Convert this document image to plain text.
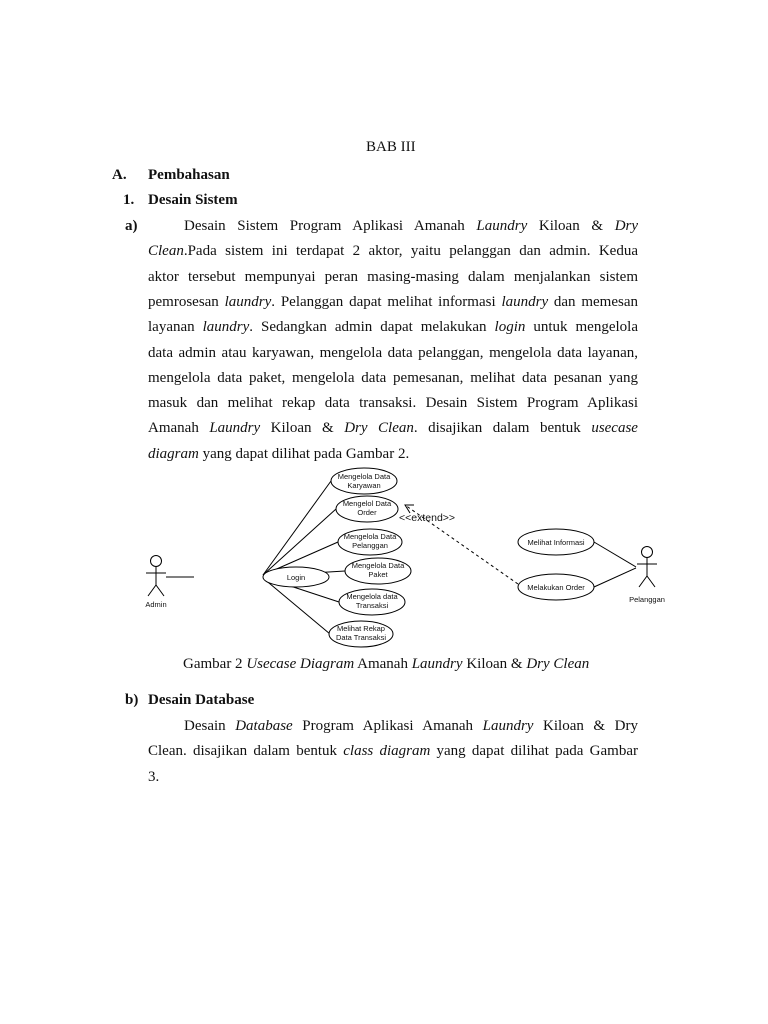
BAB III
A. Pembahasan
1. Desain Sistem
a)	Desain Sistem Program Aplikasi Amanah Laundry Kiloan & Dry
Clean.Pada sistem ini terdapat 2 aktor, yaitu pelanggan dan admin. Kedua
aktor tersebut mempunyai peran masing-masing dalam menjalankan sistem
pemrosesan laundry. Pelanggan dapat melihat informasi laundry dan memesan
layanan laundry. Sedangkan admin dapat melakukan login untuk mengelola
data admin atau karyawan, mengelola data pelanggan, mengelola data layanan,
mengelola data paket, mengelola data pemesanan, melihat data pesanan yang
masuk dan melihat rekap data transaksi. Desain Sistem Program Aplikasi
Amanah Laundry Kiloan & Dry Clean. disajikan dalam bentuk usecase
diagram yang dapat dilihat pada Gambar 2.
Admin
Pelanggan
Login
Mengelola Data
Karyawan
Mengelol Data
Order
Mengelola Data
Pelanggan
Mengelola Data
Paket
Mengelola data
Transaksi
Melihat Rekap
Data Transaksi
Melihat Informasi
Melakukan Order
<<extend>>
Gambar 2 Usecase Diagram Amanah Laundry Kiloan & Dry Clean
b) Desain Database
Desain Database Program Aplikasi Amanah Laundry Kiloan & Dry
Clean. disajikan dalam bentuk class diagram yang dapat dilihat pada Gambar
3.
